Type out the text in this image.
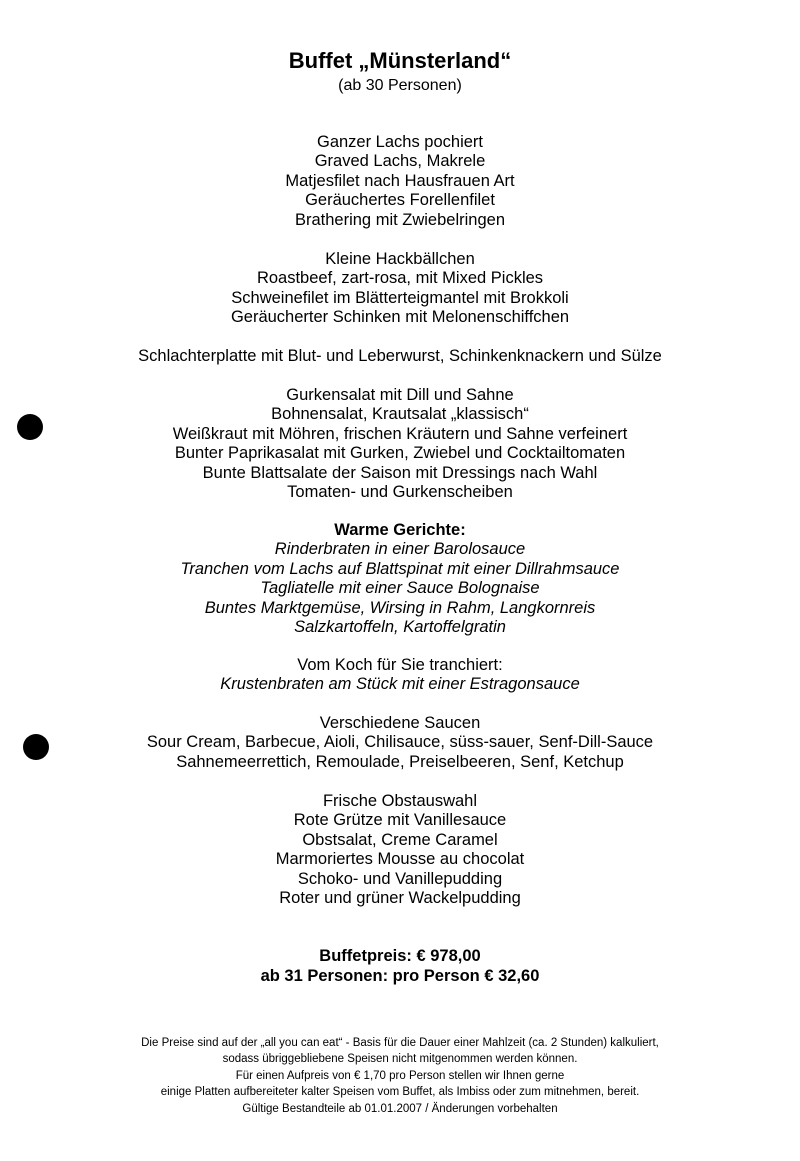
Buffet „Münsterland“
(ab 30 Personen)
Ganzer Lachs pochiert
Graved Lachs, Makrele
Matjesfilet nach Hausfrauen Art
Geräuchertes Forellenfilet
Brathering mit Zwiebelringen
Kleine Hackbällchen
Roastbeef, zart-rosa, mit Mixed Pickles
Schweinefilet im Blätterteigmantel mit Brokkoli
Geräucherter Schinken mit Melonenschiffchen
Schlachterplatte mit Blut- und Leberwurst, Schinkenknackern und Sülze
Gurkensalat mit Dill und Sahne
Bohnensalat, Krautsalat „klassisch“
Weißkraut mit Möhren, frischen Kräutern und Sahne verfeinert
Bunter Paprikasalat mit Gurken, Zwiebel und Cocktailtomaten
Bunte Blattsalate der Saison mit Dressings nach Wahl
Tomaten- und Gurkenscheiben
Warme Gerichte:
Rinderbraten in einer Barolosauce
Tranchen vom Lachs auf Blattspinat mit einer Dillrahmsauce
Tagliatelle mit einer Sauce Bolognaise
Buntes Marktgemüse, Wirsing in Rahm, Langkornreis
Salzkartoffeln, Kartoffelgratin
Vom Koch für Sie tranchiert:
Krustenbraten am Stück mit einer Estragonsauce
Verschiedene Saucen
Sour Cream, Barbecue, Aioli, Chilisauce, süss-sauer, Senf-Dill-Sauce
Sahnemeerrettich, Remoulade, Preiselbeeren, Senf, Ketchup
Frische Obstauswahl
Rote Grütze mit Vanillesauce
Obstsalat, Creme Caramel
Marmoriertes Mousse au chocolat
Schoko- und Vanillepudding
Roter und grüner Wackelpudding
Buffetpreis: € 978,00
ab 31 Personen: pro Person € 32,60
Die Preise sind auf der „all you can eat“ - Basis für die Dauer einer Mahlzeit (ca. 2 Stunden) kalkuliert,
sodass übriggebliebene Speisen nicht mitgenommen werden können.
Für einen Aufpreis von € 1,70 pro Person stellen wir Ihnen gerne
einige Platten aufbereiteter kalter Speisen vom Buffet, als Imbiss oder zum mitnehmen, bereit.
Gültige Bestandteile ab 01.01.2007 / Änderungen vorbehalten
